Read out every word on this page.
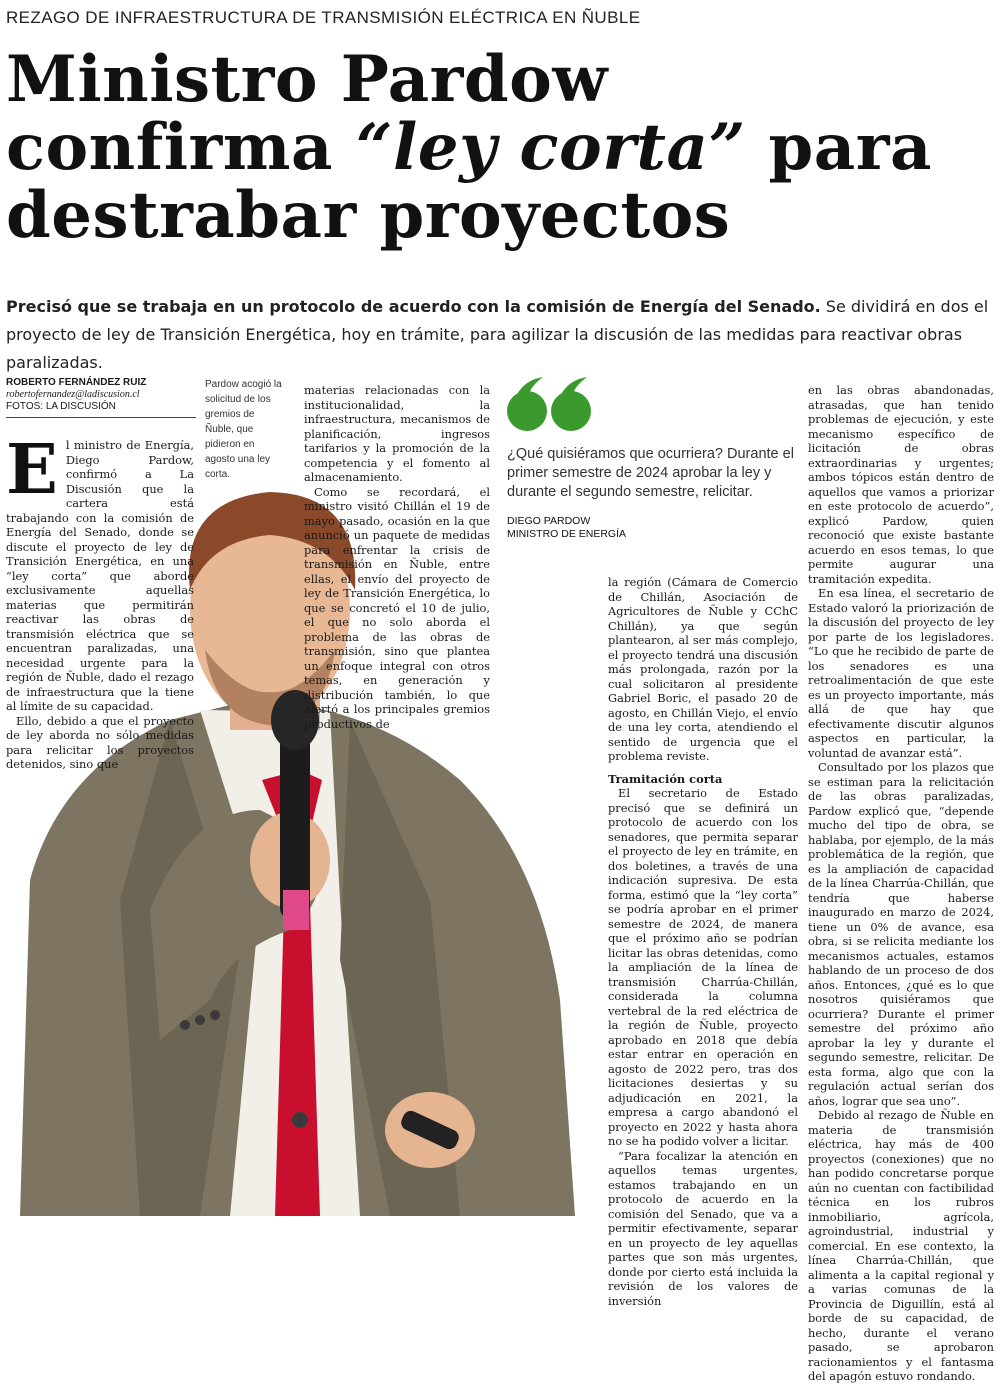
REZAGO DE INFRAESTRUCTURA DE TRANSMISIÓN ELÉCTRICA EN ÑUBLE
Ministro Pardow
confirma “ley corta” para
destrabar proyectos

Precisó que se trabaja en un protocolo de acuerdo con la comisión de Energía del Senado. Se dividirá en dos el proyecto de ley de Transición Energética, hoy en trámite, para agilizar la discusión de las medidas para reactivar obras paralizadas.

ROBERTO FERNÁNDEZ RUIZ
robertofernandez@ladiscusion.cl
FOTOS: LA DISCUSIÓN
Pardow acogió la solicitud de los gremios de Ñuble, que pidieron en agosto una ley corta.
E l ministro de Energía, Diego Pardow, confirmó a La Discusión que la cartera está trabajando con la comisión de Energía del Senado, donde se discute el proyecto de ley de Transición Energética, en una “ley corta” que aborde exclusivamente aquellas materias que permitirán reactivar las obras de transmisión eléctrica que se encuentran paralizadas, una necesidad urgente para la región de Ñuble, dado el rezago de infraestructura que la tiene al límite de su capacidad.

Ello, debido a que el proyecto de ley aborda no sólo medidas para relicitar los proyectos detenidos, sino que

materias relacionadas con la institucionalidad, la infraestructura, mecanismos de planificación, ingresos tarifarios y la promoción de la competencia y el fomento al almacenamiento.

Como se recordará, el ministro visitó Chillán el 19 de mayo pasado, ocasión en la que anunció un paquete de medidas para enfrentar la crisis de transmisión en Ñuble, entre ellas, el envío del proyecto de ley de Transición Energética, lo que se concretó el 10 de julio, el que no solo aborda el problema de las obras de transmisión, sino que plantea un enfoque integral con otros temas, en generación y distribución también, lo que alertó a los principales gremios productivos de

¿Qué quisiéramos que ocurriera? Durante el primer semestre de 2024 aprobar la ley y durante el segundo semestre, relicitar.
DIEGO PARDOW
MINISTRO DE ENERGÍA

la región (Cámara de Comercio de Chillán, Asociación de Agricultores de Ñuble y CChC Chillán), ya que según plantearon, al ser más complejo, el proyecto tendrá una discusión más prolongada, razón por la cual solicitaron al presidente Gabriel Boric, el pasado 20 de agosto, en Chillán Viejo, el envío de una ley corta, atendiendo el sentido de urgencia que el problema reviste.

Tramitación corta

El secretario de Estado precisó que se definirá un protocolo de acuerdo con los senadores, que permita separar el proyecto de ley en trámite, en dos boletines, a través de una indicación supresiva. De esta forma, estimó que la “ley corta” se podría aprobar en el primer semestre de 2024, de manera que el próximo año se podrían licitar las obras detenidas, como la ampliación de la línea de transmisión Charrúa-Chillán, considerada la columna vertebral de la red eléctrica de la región de Ñuble, proyecto aprobado en 2018 que debía estar entrar en operación en agosto de 2022 pero, tras dos licitaciones desiertas y su adjudicación en 2021, la empresa a cargo abandonó el proyecto en 2022 y hasta ahora no se ha podido volver a licitar.

“Para focalizar la atención en aquellos temas urgentes, estamos trabajando en un protocolo de acuerdo en la comisión del Senado, que va a permitir efectivamente, separar en un proyecto de ley aquellas partes que son más urgentes, donde por cierto está incluida la revisión de los valores de inversión

en las obras abandonadas, atrasadas, que han tenido problemas de ejecución, y este mecanismo específico de licitación de obras extraordinarias y urgentes; ambos tópicos están dentro de aquellos que vamos a priorizar en este protocolo de acuerdo”, explicó Pardow, quien reconoció que existe bastante acuerdo en esos temas, lo que permite augurar una tramitación expedita.

En esa línea, el secretario de Estado valoró la priorización de la discusión del proyecto de ley por parte de los legisladores. “Lo que he recibido de parte de los senadores es una retroalimentación de que este es un proyecto importante, más allá de que hay que efectivamente discutir algunos aspectos en particular, la voluntad de avanzar está”.

Consultado por los plazos que se estiman para la relicitación de las obras paralizadas, Pardow explicó que, “depende mucho del tipo de obra, se hablaba, por ejemplo, de la más problemática de la región, que es la ampliación de capacidad de la línea Charrúa-Chillán, que tendría que haberse inaugurado en marzo de 2024, tiene un 0% de avance, esa obra, si se relicita mediante los mecanismos actuales, estamos hablando de un proceso de dos años. Entonces, ¿qué es lo que nosotros quisiéramos que ocurriera? Durante el primer semestre del próximo año aprobar la ley y durante el segundo semestre, relicitar. De esta forma, algo que con la regulación actual serían dos años, lograr que sea uno”.

Debido al rezago de Ñuble en materia de transmisión eléctrica, hay más de 400 proyectos (conexiones) que no han podido concretarse porque aún no cuentan con factibilidad técnica en los rubros inmobiliario, agrícola, agroindustrial, industrial y comercial. En ese contexto, la línea Charrúa-Chillán, que alimenta a la capital regional y a varias comunas de la Provincia de Diguillín, está al borde de su capacidad, de hecho, durante el verano pasado, se aprobaron racionamientos y el fantasma del apagón estuvo rondando.
